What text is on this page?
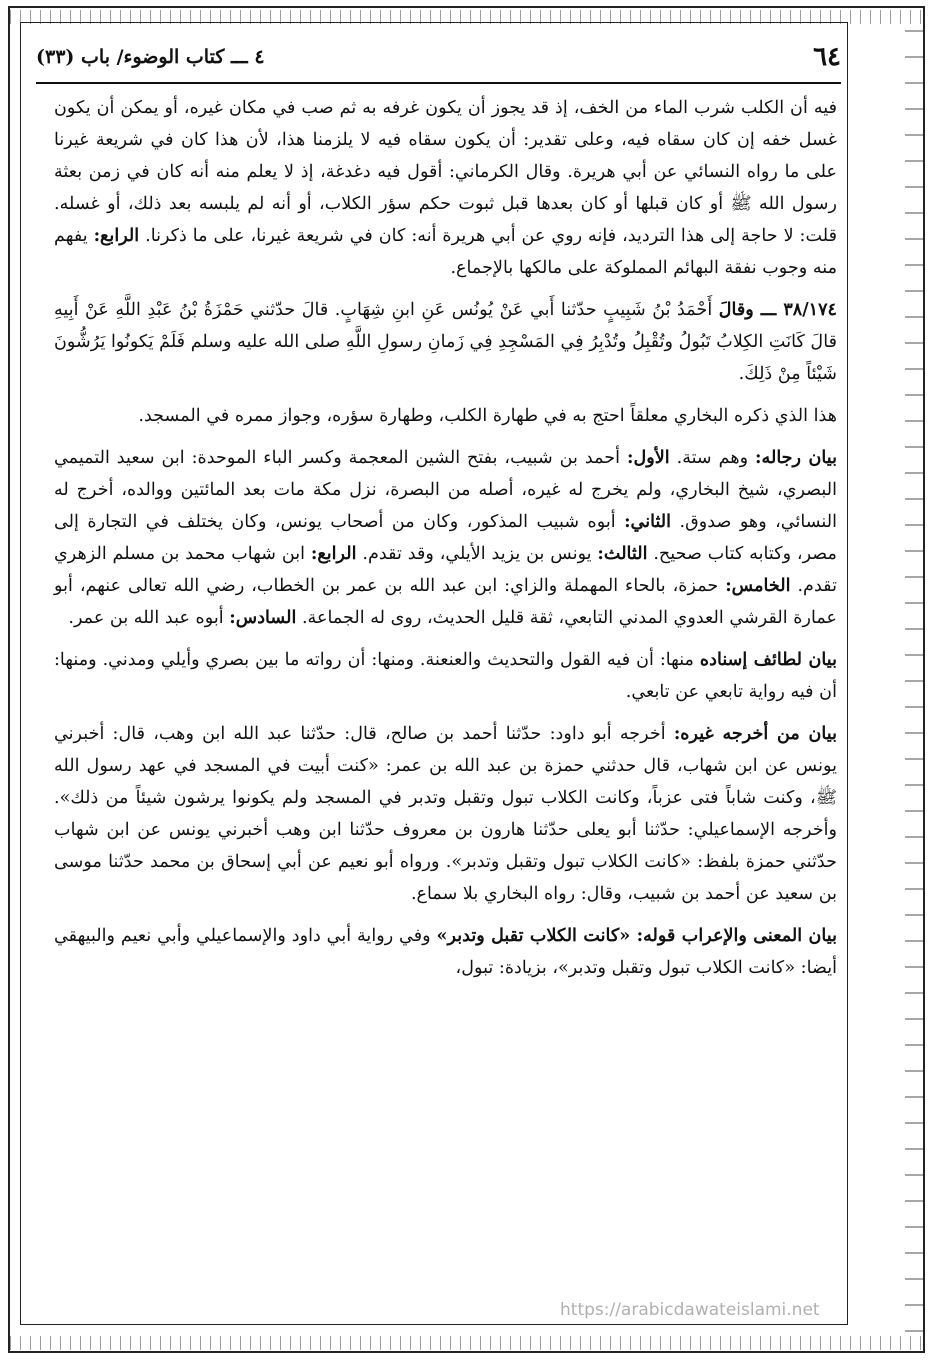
٦٤
٤ ـــ كتاب الوضوء/ باب (٣٣)

فيه أن الكلب شرب الماء من الخف، إذ قد يجوز أن يكون غرفه به ثم صب في مكان غيره، أو يمكن أن يكون غسل خفه إن كان سقاه فيه، وعلى تقدير: أن يكون سقاه فيه لا يلزمنا هذا، لأن هذا كان في شريعة غيرنا على ما رواه النسائي عن أبي هريرة. وقال الكرماني: أقول فيه دغدغة، إذ لا يعلم منه أنه كان في زمن بعثة رسول الله ﷺ أو كان قبلها أو كان بعدها قبل ثبوت حكم سؤر الكلاب، أو أنه لم يلبسه بعد ذلك، أو غسله. قلت: لا حاجة إلى هذا الترديد، فإنه روي عن أبي هريرة أنه: كان في شريعة غيرنا، على ما ذكرنا. الرابع: يفهم منه وجوب نفقة البهائم المملوكة على مالكها بالإجماع.

٣٨/١٧٤ ـــ وقالَ أَحْمَدُ بْنُ شَبِيبٍ حدّثنا أَبي عَنْ يُونُس عَنِ ابنِ شِهَابٍ. قالَ حدّثني حَمْزَةُ بْنُ عَبْدِ اللَّهِ عَنْ أَبِيهِ قالَ كَانَتِ الكِلابُ تَبُولُ وتُقْبِلُ وتُدْبِرُ فِي المَسْجِدِ فِي زَمانِ رسولِ اللَّهِ صلى الله عليه وسلم فَلَمْ يَكونُوا يَرُشُّونَ شَيْئاً مِنْ ذَلِكَ.

هذا الذي ذكره البخاري معلقاً احتج به في طهارة الكلب، وطهارة سؤره، وجواز ممره في المسجد.

بيان رجاله: وهم ستة. الأول: أحمد بن شبيب، بفتح الشين المعجمة وكسر الباء الموحدة: ابن سعيد التميمي البصري، شيخ البخاري، ولم يخرج له غيره، أصله من البصرة، نزل مكة مات بعد المائتين ووالده، أخرج له النسائي، وهو صدوق. الثاني: أبوه شبيب المذكور، وكان من أصحاب يونس، وكان يختلف في التجارة إلى مصر، وكتابه كتاب صحيح. الثالث: يونس بن يزيد الأيلي، وقد تقدم. الرابع: ابن شهاب محمد بن مسلم الزهري تقدم. الخامس: حمزة، بالحاء المهملة والزاي: ابن عبد الله بن عمر بن الخطاب، رضي الله تعالى عنهم، أبو عمارة القرشي العدوي المدني التابعي، ثقة قليل الحديث، روى له الجماعة. السادس: أبوه عبد الله بن عمر.

بيان لطائف إسناده منها: أن فيه القول والتحديث والعنعنة. ومنها: أن رواته ما بين بصري وأيلي ومدني. ومنها: أن فيه رواية تابعي عن تابعي.

بيان من أخرجه غيره: أخرجه أبو داود: حدّثنا أحمد بن صالح، قال: حدّثنا عبد الله ابن وهب، قال: أخبرني يونس عن ابن شهاب، قال حدثني حمزة بن عبد الله بن عمر: «كنت أبيت في المسجد في عهد رسول الله ﷺ، وكنت شاباً فتى عزباً، وكانت الكلاب تبول وتقبل وتدبر في المسجد ولم يكونوا يرشون شيئاً من ذلك». وأخرجه الإسماعيلي: حدّثنا أبو يعلى حدّثنا هارون بن معروف حدّثنا ابن وهب أخبرني يونس عن ابن شهاب حدّثني حمزة بلفظ: «كانت الكلاب تبول وتقبل وتدبر». ورواه أبو نعيم عن أبي إسحاق بن محمد حدّثنا موسى بن سعيد عن أحمد بن شبيب، وقال: رواه البخاري بلا سماع.

بيان المعنى والإعراب قوله: «كانت الكلاب تقبل وتدبر» وفي رواية أبي داود والإسماعيلي وأبي نعيم والبيهقي أيضا: «كانت الكلاب تبول وتقبل وتدبر»، بزيادة: تبول،

https://arabicdawateislami.net
